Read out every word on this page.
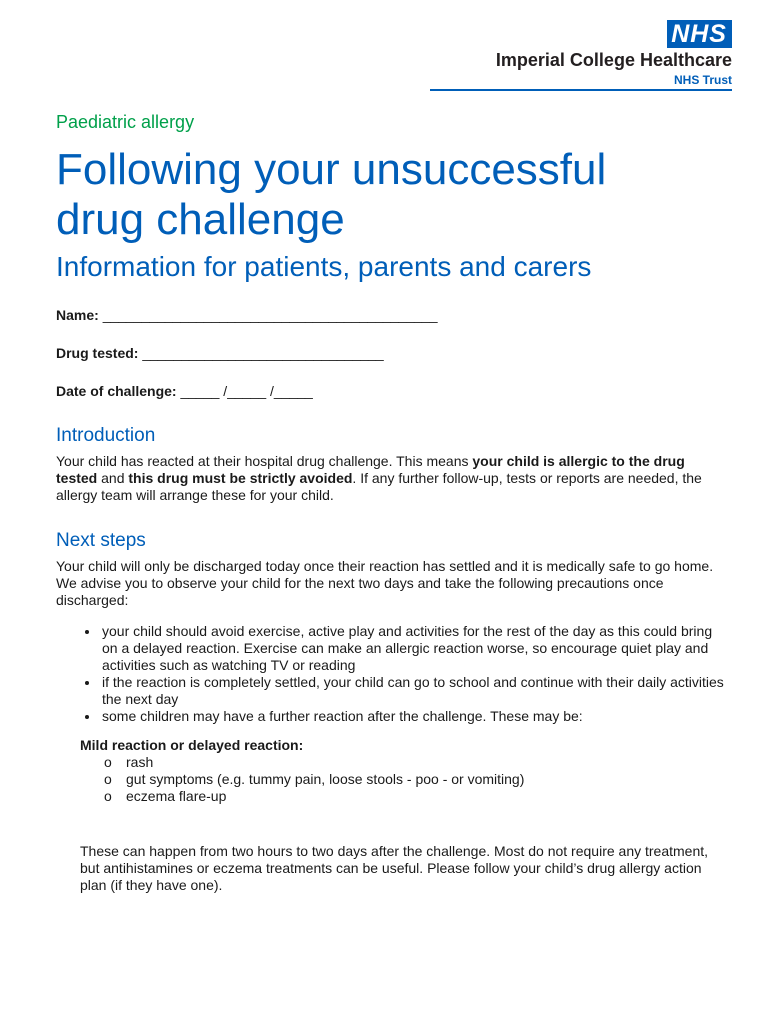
NHS
Imperial College Healthcare
NHS Trust
Paediatric allergy
Following your unsuccessful
drug challenge
Information for patients, parents and carers
Name: ___________________________________________
Drug tested: _______________________________
Date of challenge: _____ /_____ /_____
Introduction

Your child has reacted at their hospital drug challenge. This means your child is allergic to the drug tested and this drug must be strictly avoided. If any further follow-up, tests or reports are needed, the allergy team will arrange these for your child.

Next steps

Your child will only be discharged today once their reaction has settled and it is medically safe to go home. We advise you to observe your child for the next two days and take the following precautions once discharged:

• your child should avoid exercise, active play and activities for the rest of the day as this could bring on a delayed reaction. Exercise can make an allergic reaction worse, so encourage quiet play and activities such as watching TV or reading
• if the reaction is completely settled, your child can go to school and continue with their daily activities the next day
• some children may have a further reaction after the challenge. These may be:
Mild reaction or delayed reaction:
o rash
o gut symptoms (e.g. tummy pain, loose stools - poo - or vomiting)
o eczema flare-up

These can happen from two hours to two days after the challenge. Most do not require any treatment, but antihistamines or eczema treatments can be useful. Please follow your child’s drug allergy action plan (if they have one).
